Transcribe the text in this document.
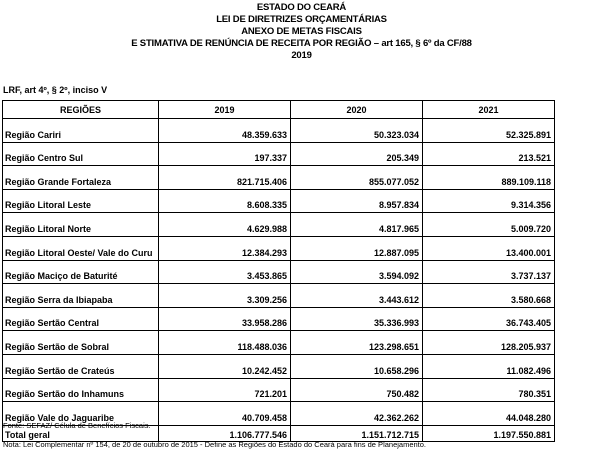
ESTADO DO CEARÁ
LEI DE DIRETRIZES ORÇAMENTÁRIAS
ANEXO DE METAS FISCAIS
E STIMATIVA DE RENÚNCIA DE RECEITA POR REGIÃO – art 165, § 6º da CF/88
2019
LRF, art 4º, § 2º, inciso V
REGIÕES	2019	2020	2021
Região Cariri	48.359.633	50.323.034	52.325.891
Região Centro Sul	197.337	205.349	213.521
Região Grande Fortaleza	821.715.406	855.077.052	889.109.118
Região Litoral Leste	8.608.335	8.957.834	9.314.356
Região Litoral Norte	4.629.988	4.817.965	5.009.720
Região Litoral Oeste/ Vale do Curu	12.384.293	12.887.095	13.400.001
Região Maciço de Baturité	3.453.865	3.594.092	3.737.137
Região Serra da Ibiapaba	3.309.256	3.443.612	3.580.668
Região Sertão Central	33.958.286	35.336.993	36.743.405
Região Sertão de Sobral	118.488.036	123.298.651	128.205.937
Região Sertão de Crateús	10.242.452	10.658.296	11.082.496
Região Sertão do Inhamuns	721.201	750.482	780.351
Região Vale do Jaguaribe	40.709.458	42.362.262	44.048.280
Total geral	1.106.777.546	1.151.712.715	1.197.550.881
Fonte: SEFAZ/ Célula de Benefícios Fiscais.
Nota: Lei Complementar nº 154, de 20 de outubro de 2015 - Define as Regiões do Estado do Ceará para fins de Planejamento.
